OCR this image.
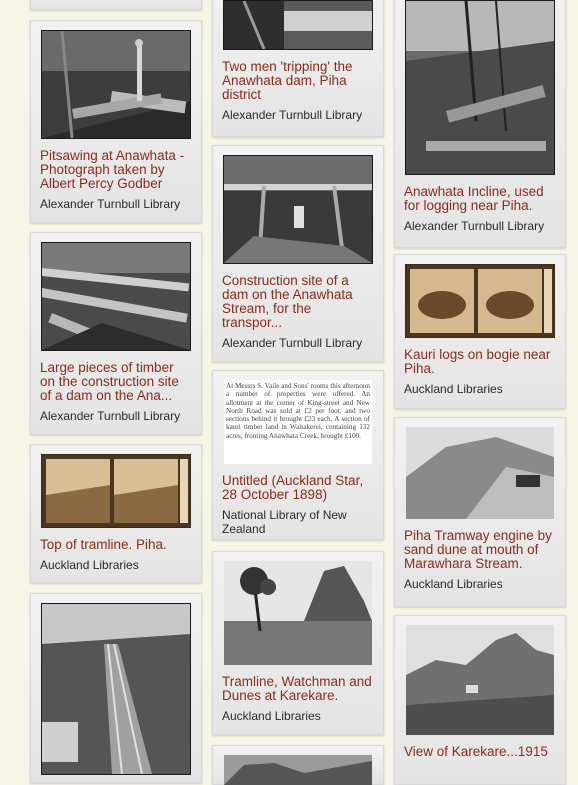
Pitsawing at Anawhata - Photograph taken by Albert Percy Godber
Alexander Turnbull Library
Large pieces of timber on the construction site of a dam on the Ana...
Alexander Turnbull Library
Top of tramline. Piha.
Auckland Libraries
Two men 'tripping' the Anawhata dam, Piha district
Alexander Turnbull Library
Construction site of a dam on the Anawhata Stream, for the transpor...
Alexander Turnbull Library
At Messrs S. Vaile and Sons' rooms this afternoon a number of properties were offered. An allotment at the corner of King-street and New North Road was sold at £2 per foot, and two sections behind it brought £23 each. A section of kauri timber land in Waitakerei, containing 132 acres, fronting Anawhata Creek, brought £100.
Untitled (Auckland Star, 28 October 1898)
National Library of New Zealand
Tramline, Watchman and Dunes at Karekare.
Auckland Libraries
Anawhata Incline, used for logging near Piha.
Alexander Turnbull Library
Kauri logs on bogie near Piha.
Auckland Libraries
Piha Tramway engine by sand dune at mouth of Marawhara Stream.
Auckland Libraries
View of Karekare...1915
